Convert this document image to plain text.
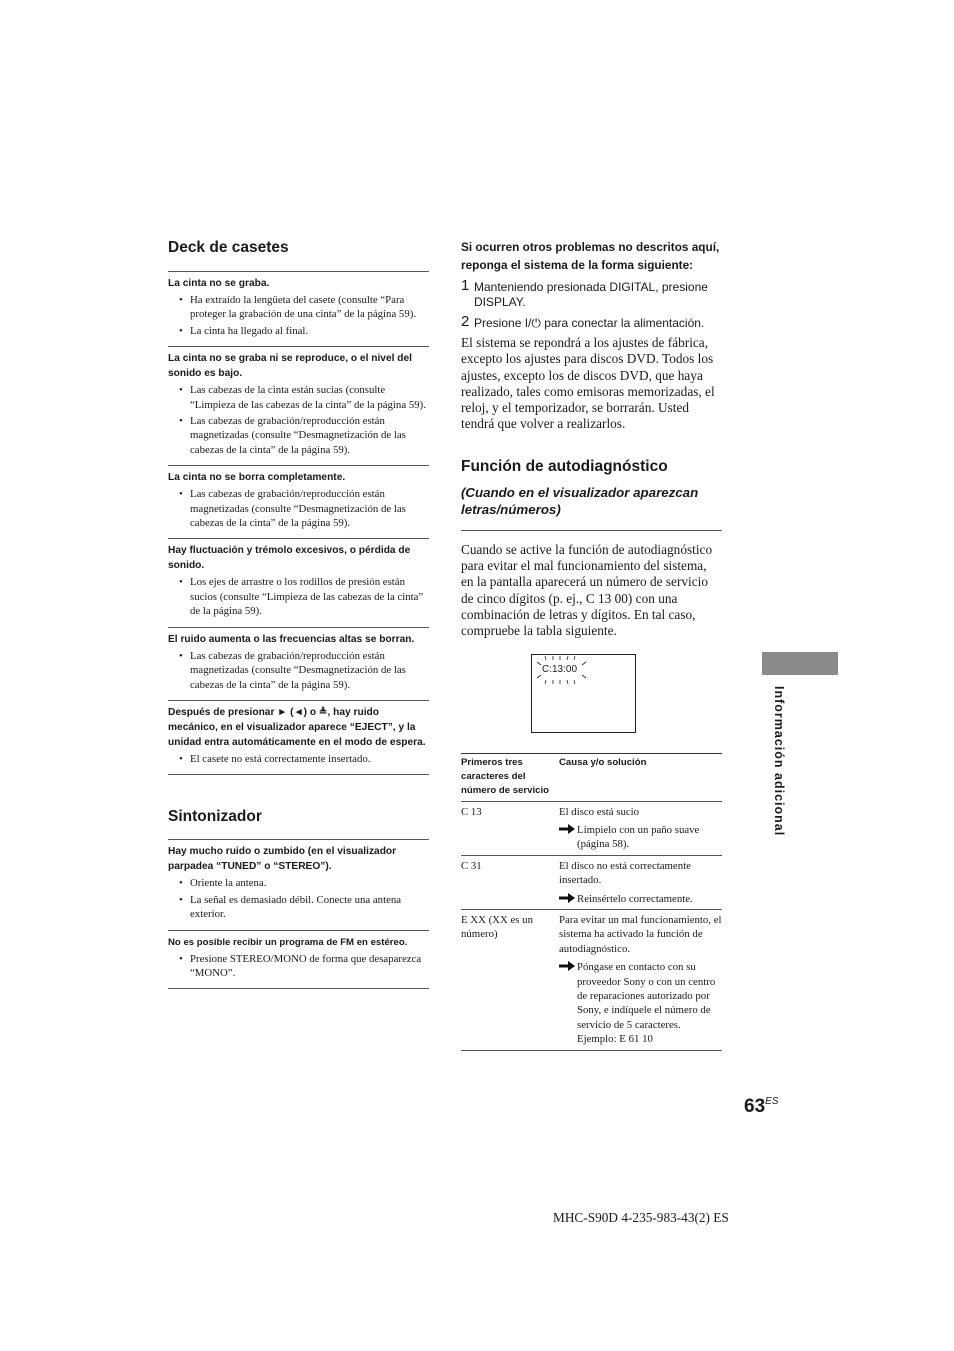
Deck de casetes
La cinta no se graba.
• Ha extraído la lengüeta del casete (consulte “Para proteger la grabación de una cinta” de la página 59).
• La cinta ha llegado al final.
La cinta no se graba ni se reproduce, o el nivel del sonido es bajo.
• Las cabezas de la cinta están sucias (consulte “Limpieza de las cabezas de la cinta” de la página 59).
• Las cabezas de grabación/reproducción están magnetizadas (consulte “Desmagnetización de las cabezas de la cinta” de la página 59).
La cinta no se borra completamente.
• Las cabezas de grabación/reproducción están magnetizadas (consulte “Desmagnetización de las cabezas de la cinta” de la página 59).
Hay fluctuación y trémolo excesivos, o pérdida de sonido.
• Los ejes de arrastre o los rodillos de presión están sucios (consulte “Limpieza de las cabezas de la cinta” de la página 59).
El ruido aumenta o las frecuencias altas se borran.
• Las cabezas de grabación/reproducción están magnetizadas (consulte “Desmagnetización de las cabezas de la cinta” de la página 59).
Después de presionar ► (◄) o ≜, hay ruido mecánico, en el visualizador aparece “EJECT”, y la unidad entra automáticamente en el modo de espera.
• El casete no está correctamente insertado.
Sintonizador
Hay mucho ruido o zumbido (en el visualizador parpadea “TUNED” o “STEREO”).
• Oriente la antena.
• La señal es demasiado débil. Conecte una antena exterior.
No es posible recibir un programa de FM en estéreo.
• Presione STEREO/MONO de forma que desaparezca “MONO”.
Si ocurren otros problemas no descritos aquí, reponga el sistema de la forma siguiente:
1 Manteniendo presionada DIGITAL, presione DISPLAY.
2 Presione I/⏻ para conectar la alimentación.
El sistema se repondrá a los ajustes de fábrica, excepto los ajustes para discos DVD. Todos los ajustes, excepto los de discos DVD, que haya realizado, tales como emisoras memorizadas, el reloj, y el temporizador, se borrarán. Usted tendrá que volver a realizarlos.
Función de autodiagnóstico
(Cuando en el visualizador aparezcan letras/números)
Cuando se active la función de autodiagnóstico para evitar el mal funcionamiento del sistema, en la pantalla aparecerá un número de servicio de cinco dígitos (p. ej., C 13 00) con una combinación de letras y dígitos. En tal caso, compruebe la tabla siguiente.
C:13:00
Primeros tres caracteres del número de servicio	Causa y/o solución
C 13	El disco está sucio
Límpielo con un paño suave (página 58).

C 31	El disco no está correctamente insertado.
Reinsértelo correctamente.

E XX (XX es un número)	Para evitar un mal funcionamiento, el sistema ha activado la función de autodiagnóstico.
Póngase en contacto con su proveedor Sony o con un centro de reparaciones autorizado por Sony, e indíquele el número de servicio de 5 caracteres. Ejemplo: E 61 10
Información adicional
$63^{ES}$
MHC-S90D 4-235-983-43(2) ES
